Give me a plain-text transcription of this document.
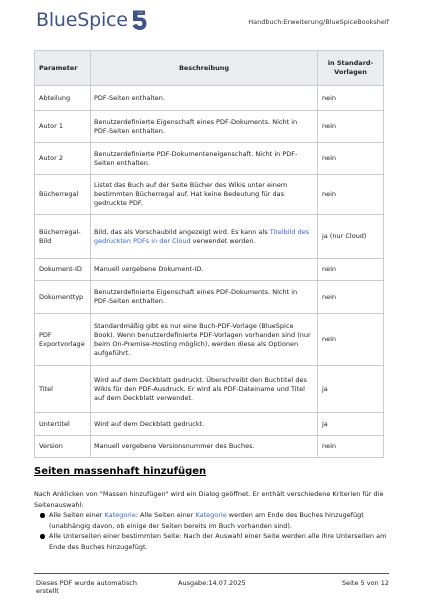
BlueSpice	Handbuch:Erweiterung/BlueSpiceBookshelf
Parameter	Beschreibung	in Standard-Vorlagen
Abteilung	PDF-Seiten enthalten.	nein
Autor 1	Benutzerdefinierte Eigenschaft eines PDF-Dokuments. Nicht in PDF-Seiten enthalten.	nein
Autor 2	Benutzerdefinierte PDF-Dokumenteneigenschaft. Nicht in PDF-Seiten enthalten.	nein
Bücherregal	Listet das Buch auf der Seite Bücher des Wikis unter einem bestimmten Bücherregal auf. Hat keine Bedeutung für das gedruckte PDF.	nein
Bücherregal-Bild	Bild, das als Vorschaubild angezeigt wird. Es kann als Titelbild des gedruckten PDFs in der Cloud verwendet werden.	ja (nur Cloud)
Dokument-ID	Manuell vergebene Dokument-ID.	nein
Dokumenttyp	Benutzerdefinierte Eigenschaft eines PDF-Dokuments. Nicht in PDF-Seiten enthalten.	nein
PDF Exportvorlage	Standardmäßig gibt es nur eine Buch-PDF-Vorlage (BlueSpice Book). Wenn benutzerdefinierte PDF-Vorlagen vorhanden sind (nur beim On-Premise-Hosting möglich), werden diese als Optionen aufgeführt.	nein
Titel	Wird auf dem Deckblatt gedruckt. Überschreibt den Buchtitel des Wikis für den PDF-Ausdruck. Er wird als PDF-Dateiname und Titel auf dem Deckblatt verwendet.	ja
Untertitel	Wird auf dem Deckblatt gedruckt.	ja
Version	Manuell vergebene Versionsnummer des Buches.	nein
Seiten massenhaft hinzufügen

Nach Anklicken von "Massen hinzufügen" wird ein Dialog geöffnet. Er enthält verschiedene Kriterien für die Seitenauswahl:

Alle Seiten einer Kategorie: Alle Seiten einer Kategorie werden am Ende des Buches hinzugefügt (unabhängig davon, ob einige der Seiten bereits im Buch vorhanden sind).
Alle Unterseiten einer bestimmten Seite: Nach der Auswahl einer Seite werden alle ihre Unterseiten am Ende des Buches hinzugefügt.
Dieses PDF wurde automatisch erstellt
Ausgabe:14.07.2025	Seite 5 von 12
